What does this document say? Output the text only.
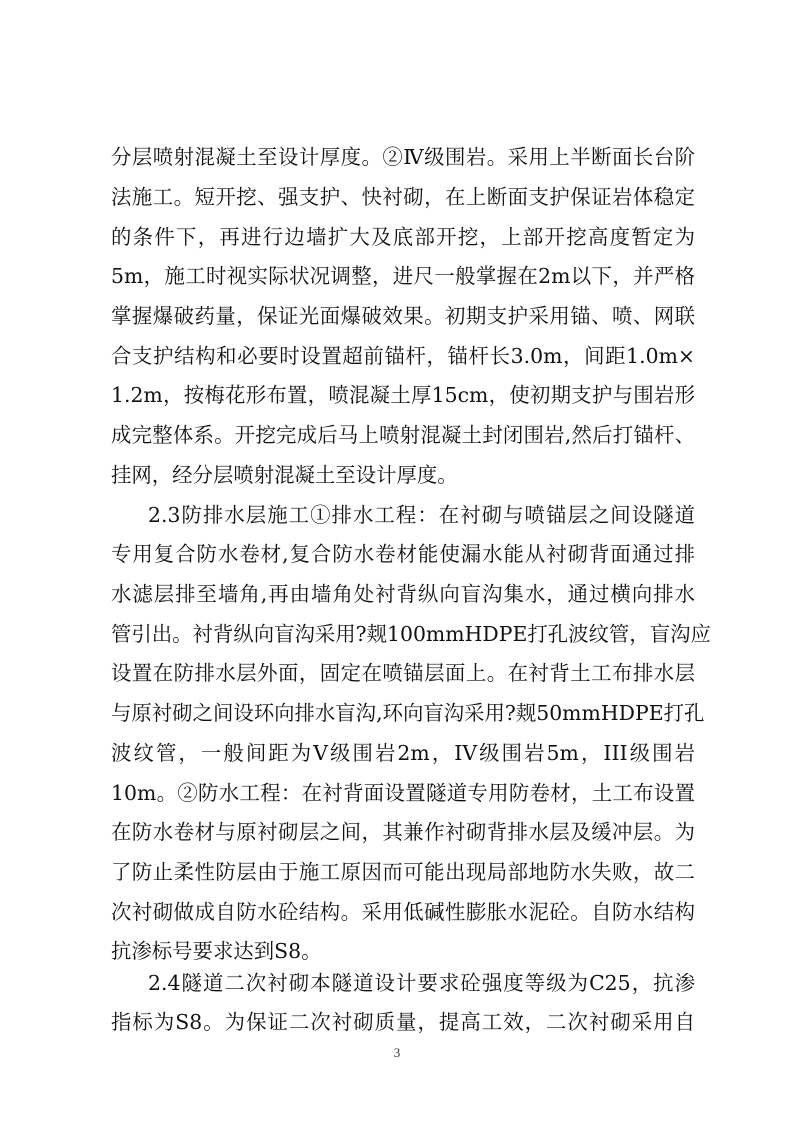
分层喷射混凝土至设计厚度。②Ⅳ级围岩。采用上半断面长台阶
法施工。短开挖、强支护、快衬砌，在上断面支护保证岩体稳定
的条件下，再进行边墙扩大及底部开挖，上部开挖高度暂定为
5m，施工时视实际状况调整，进尺一般掌握在2m以下，并严格
掌握爆破药量，保证光面爆破效果。初期支护采用锚、喷、网联
合支护结构和必要时设置超前锚杆，锚杆长3.0m，间距1.0m×
1.2m，按梅花形布置，喷混凝土厚15cm，使初期支护与围岩形
成完整体系。开挖完成后马上喷射混凝土封闭围岩,然后打锚杆、
挂网，经分层喷射混凝土至设计厚度。
2.3防排水层施工①排水工程：在衬砌与喷锚层之间设隧道
专用复合防水卷材,复合防水卷材能使漏水能从衬砌背面通过排
水滤层排至墙角,再由墙角处衬背纵向盲沟集水，通过横向排水
管引出。衬背纵向盲沟采用?觌100mmHDPE打孔波纹管，盲沟应
设置在防排水层外面，固定在喷锚层面上。在衬背土工布排水层
与原衬砌之间设环向排水盲沟,环向盲沟采用?觌50mmHDPE打孔
波纹管，一般间距为V级围岩2m，IV级围岩5m，III级围岩
10m。②防水工程：在衬背面设置隧道专用防卷材，土工布设置
在防水卷材与原衬砌层之间，其兼作衬砌背排水层及缓冲层。为
了防止柔性防层由于施工原因而可能出现局部地防水失败，故二
次衬砌做成自防水砼结构。采用低碱性膨胀水泥砼。自防水结构
抗渗标号要求达到S8。
2.4隧道二次衬砌本隧道设计要求砼强度等级为C25，抗渗
指标为S8。为保证二次衬砌质量，提高工效，二次衬砌采用自
3
